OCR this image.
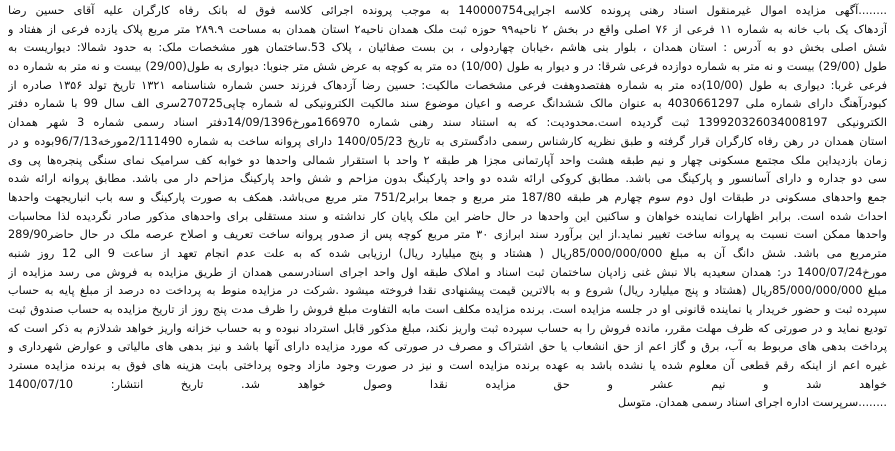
........آگهی مزایده اموال غیرمنقول اسناد رهنی پرونده کلاسه اجرایی140000754 به موجب پرونده اجرائی کلاسه فوق له بانک رفاه کارگران علیه آقای حسین رضا
آزدهاک یک باب خانه به شماره ۱۱ فرعی از ۷۶ اصلی واقع در بخش ۲ ناحیه۹۹ حوزه ثبت ملک همدان ناحیه۲ استان همدان به مساحت ۲۸۹.۹ متر مربع پلاک یازده فرعی از هفتاد و
شش اصلی بخش دو به آدرس : استان همدان ، بلوار بنی هاشم ،خیابان چهاردولی ، بن بست صفائیان ، پلاک 53.ساختمان هور مشخصات ملک: به حدود شمالا: دیواریست به
طول (29/00) بیست و نه متر به شماره دوازده فرعی شرقا: در و دیوار به طول (10/00) ده متر به کوچه به عرض شش متر جنوبا: دیواری به طول(29/00) بیست و نه متر به شماره ده
فرعی غربا: دیواری به طول (10/00)ده متر به شماره هفتصدوهفت فرعی مشخصات مالکیت: حسین رضا آزدهاک فرزند حسن شماره شناسنامه ۱۳۲۱ تاریخ تولد ۱۳۵۶ صادره از
کبودرآهنگ دارای شماره ملی 4030661297 به عنوان مالک ششدانگ عرصه و اعیان موضوع سند مالکیت الکترونیکی له شماره چاپی270725سری الف سال 99 با شماره دفتر
الکترونیکی 139920326034008197 ثبت گردیده است.محدودیت: که به استناد سند رهنی شماره 166970مورخ14/09/1396دفتر اسناد رسمی شماره 3 شهر همدان
استان همدان در رهن رفاه کارگران قرار گرفته و طبق نظریه کارشناس رسمی دادگستری به تاریخ 1400/05/23 دارای پروانه ساخت به شماره 2/111490مورخه96/7/13بوده و در
زمان بازدیداین ملک مجتمع مسکونی چهار و نیم طبقه هشت واحد آپارتمانی مجزا هر طبقه ۲ واحد با استقرار شمالی واحدها دو خوابه کف سرامیک نمای سنگی پنجره‌ها پی وی
سی دو جداره و دارای آسانسور و پارکینگ می باشد. مطابق کروکی ارائه شده دو واحد پارکینگ بدون مزاحم و شش واحد پارکینگ مزاحم دار می باشد. مطابق پروانه ارائه شده
جمع واحدهای مسکونی در طبقات اول دوم سوم چهارم هر طبقه 187/80 متر مربع و جمعا برابر751/2 متر مربع می‌باشد. همکف به صورت پارکینگ و سه باب انباریجهت واحدها
احداث شده است. برابر اظهارات نماینده خواهان و ساکنین این واحدها در حال حاضر این ملک پایان کار نداشته و سند مستقلی برای واحدهای مذکور صادر نگردیده لذا محاسبات
واحدها ممکن است نسبت به پروانه ساخت تغییر نماید.از این برآورد سند ابرازی ۳۰ متر مربع کوچه پس از صدور پروانه ساخت تعریف و اصلاح عرصه ملک در حال حاضر289/90
مترمربع می باشد. شش دانگ آن به مبلغ 85/000/000/000ریال ( هشتاد و پنج میلیارد ریال) ارزیابی شده که به علت عدم انجام تعهد از ساعت 9 الی 12 روز شنبه
مورخ1400/07/24 در: همدان سعیدیه بالا نبش غنی زادپان ساختمان ثبت اسناد و املاک طبقه اول واحد اجرای اسنادرسمی همدان از طریق مزایده به فروش می رسد مزایده از
مبلغ 85/000/000/000ریال (هشتاد و پنج میلیارد ریال) شروع و به بالاترین قیمت پیشنهادی نقدا فروخته میشود .شرکت در مزایده منوط به پرداخت ده درصد از مبلغ پایه به حساب
سپرده ثبت و حضور خریدار یا نماینده قانونی او در جلسه مزایده است. برنده مزایده مکلف است مابه التفاوت مبلغ فروش را ظرف مدت پنج روز از تاریخ مزایده به حساب صندوق ثبت
تودیع نماید و در صورتی که ظرف مهلت مقرر، مانده فروش را به حساب سپرده ثبت واریز نکند، مبلغ مذکور قابل استرداد نبوده و به حساب خزانه واریز خواهد شدلازم به ذکر است که
پرداخت بدهی های مربوط به آب، برق و گاز اعم از حق انشعاب یا حق اشتراک و مصرف در صورتی که مورد مزایده دارای آنها باشد و نیز بدهی های مالیاتی و عوارض شهرداری و
غیره اعم از اینکه رقم قطعی آن معلوم شده یا نشده باشد به عهده برنده مزایده است و نیز در صورت وجود مازاد وجوه پرداختی بابت هزینه های فوق به برنده مزایده مسترد
خواهد شد و نیم عشر و حق مزایده نقدا وصول خواهد شد. تاریخ انتشار: 1400/07/10
........سرپرست اداره اجرای اسناد رسمی همدان. متوسل
